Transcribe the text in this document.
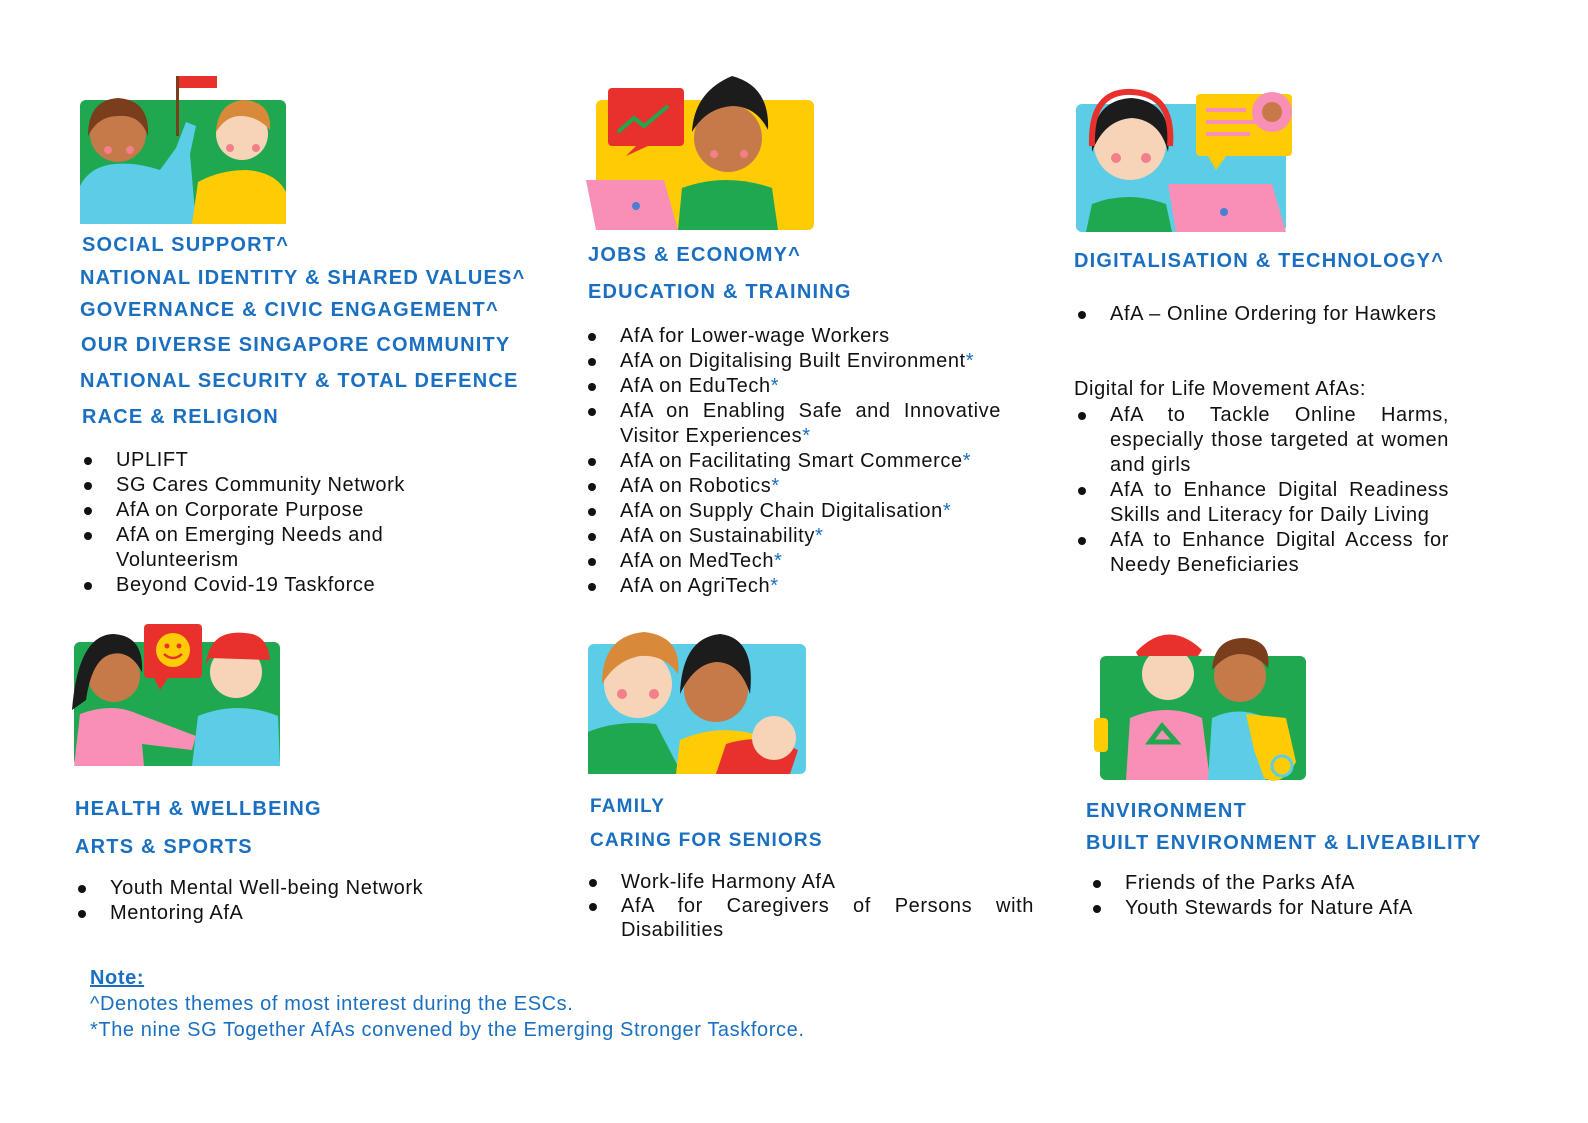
SOCIAL SUPPORT^
NATIONAL IDENTITY & SHARED VALUES^
GOVERNANCE & CIVIC ENGAGEMENT^
OUR DIVERSE SINGAPORE COMMUNITY
NATIONAL SECURITY & TOTAL DEFENCE
RACE & RELIGION
UPLIFT
SG Cares Community Network
AfA on Corporate Purpose
AfA on Emerging Needs and Volunteerism
Beyond Covid-19 Taskforce
JOBS & ECONOMY^
EDUCATION & TRAINING
AfA for Lower-wage Workers
AfA on Digitalising Built Environment*
AfA on EduTech*
AfA on Enabling Safe and Innovative Visitor Experiences*
AfA on Facilitating Smart Commerce*
AfA on Robotics*
AfA on Supply Chain Digitalisation*
AfA on Sustainability*
AfA on MedTech*
AfA on AgriTech*
DIGITALISATION & TECHNOLOGY^
AfA – Online Ordering for Hawkers
Digital for Life Movement AfAs:
AfA to Tackle Online Harms, especially those targeted at women and girls
AfA to Enhance Digital Readiness Skills and Literacy for Daily Living
AfA to Enhance Digital Access for Needy Beneficiaries
HEALTH & WELLBEING
ARTS & SPORTS
Youth Mental Well-being Network
Mentoring AfA
FAMILY
CARING FOR SENIORS
Work-life Harmony AfA
AfA for Caregivers of Persons with Disabilities
ENVIRONMENT
BUILT ENVIRONMENT & LIVEABILITY
Friends of the Parks AfA
Youth Stewards for Nature AfA
Note:
^Denotes themes of most interest during the ESCs.
*The nine SG Together AfAs convened by the Emerging Stronger Taskforce.
